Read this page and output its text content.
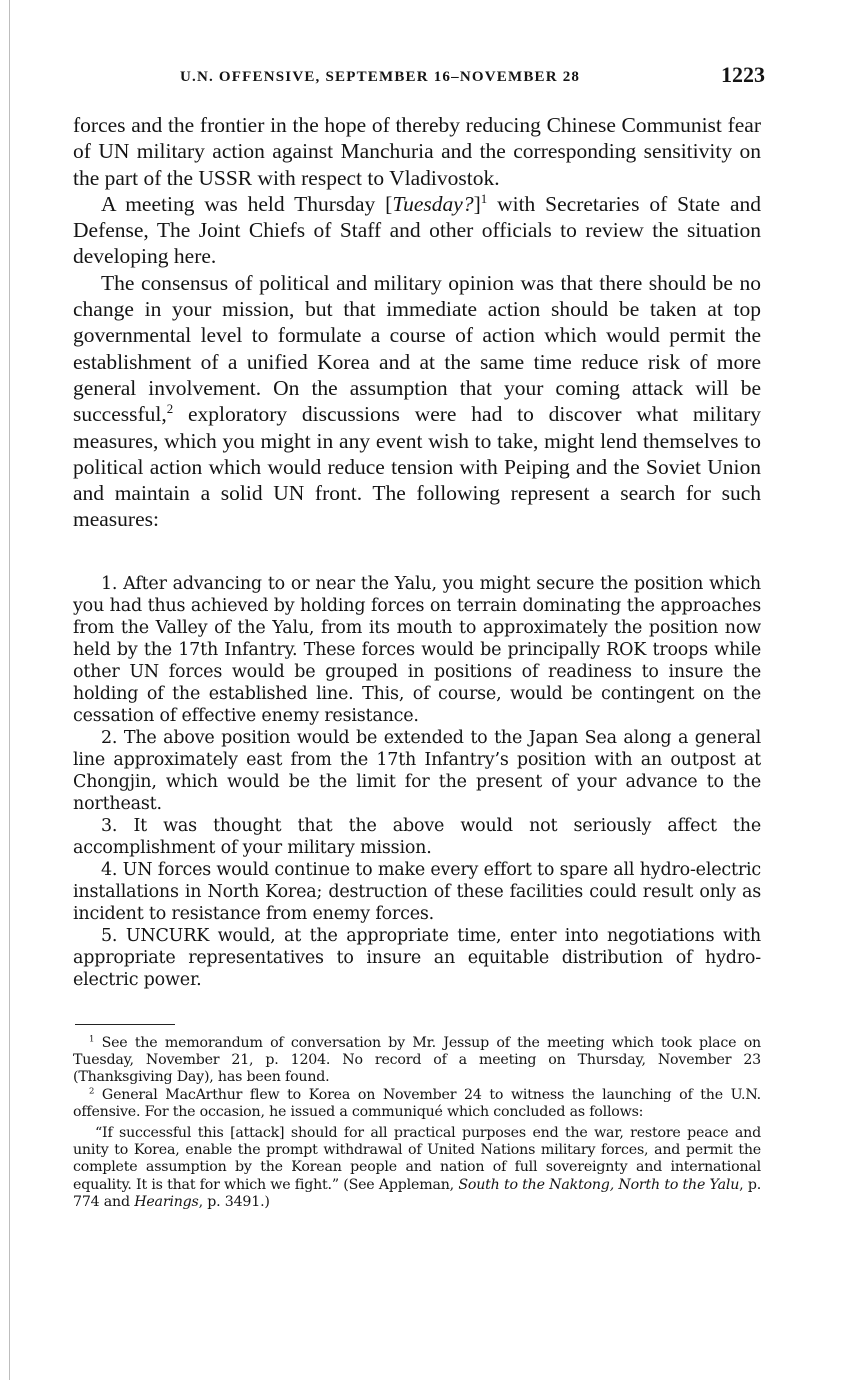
U.N. OFFENSIVE, SEPTEMBER 16–NOVEMBER 28	1223

forces and the frontier in the hope of thereby reducing Chinese Communist fear of UN military action against Manchuria and the corresponding sensitivity on the part of the USSR with respect to Vladivostok.

A meeting was held Thursday [Tuesday?]$^1$ with Secretaries of State and Defense, The Joint Chiefs of Staff and other officials to review the situation developing here.

The consensus of political and military opinion was that there should be no change in your mission, but that immediate action should be taken at top governmental level to formulate a course of action which would permit the establishment of a unified Korea and at the same time reduce risk of more general involvement. On the assumption that your coming attack will be successful,$^2$ exploratory discussions were had to discover what military measures, which you might in any event wish to take, might lend themselves to political action which would reduce tension with Peiping and the Soviet Union and maintain a solid UN front. The following represent a search for such measures:

1. After advancing to or near the Yalu, you might secure the position which you had thus achieved by holding forces on terrain dominating the approaches from the Valley of the Yalu, from its mouth to approximately the position now held by the 17th Infantry. These forces would be principally ROK troops while other UN forces would be grouped in positions of readiness to insure the holding of the established line. This, of course, would be contingent on the cessation of effective enemy resistance.

2. The above position would be extended to the Japan Sea along a general line approximately east from the 17th Infantry’s position with an outpost at Chongjin, which would be the limit for the present of your advance to the northeast.

3. It was thought that the above would not seriously affect the accomplishment of your military mission.

4. UN forces would continue to make every effort to spare all hydro-electric installations in North Korea; destruction of these facilities could result only as incident to resistance from enemy forces.

5. UNCURK would, at the appropriate time, enter into negotiations with appropriate representatives to insure an equitable distribution of hydro-electric power.

$^1$ See the memorandum of conversation by Mr. Jessup of the meeting which took place on Tuesday, November 21, p. 1204. No record of a meeting on Thursday, November 23 (Thanksgiving Day), has been found.

$^2$ General MacArthur flew to Korea on November 24 to witness the launching of the U.N. offensive. For the occasion, he issued a communiqué which concluded as follows:

“If successful this [attack] should for all practical purposes end the war, restore peace and unity to Korea, enable the prompt withdrawal of United Nations military forces, and permit the complete assumption by the Korean people and nation of full sovereignty and international equality. It is that for which we fight.” (See Appleman, South to the Naktong, North to the Yalu, p. 774 and Hearings, p. 3491.)
